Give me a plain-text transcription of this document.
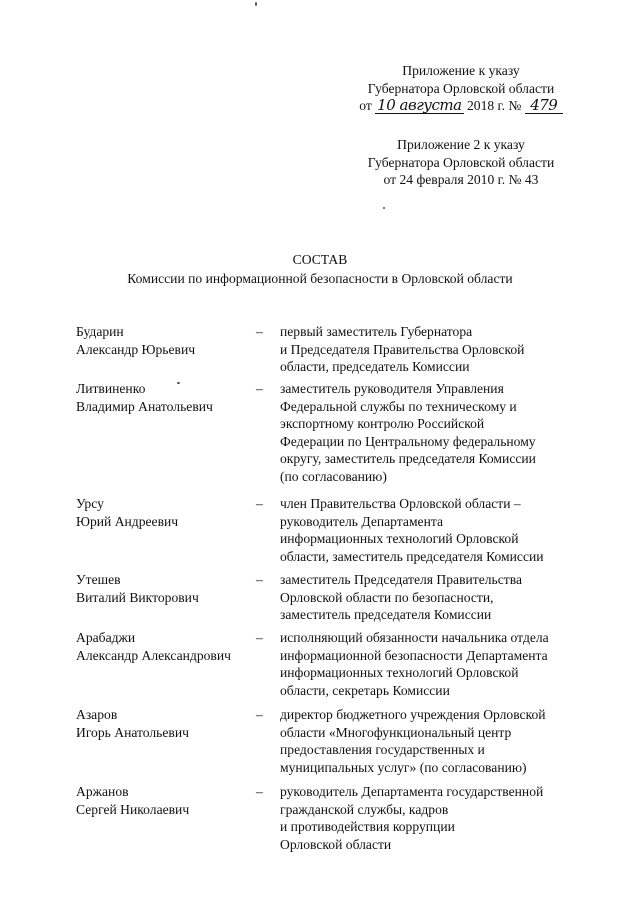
Приложение к указу
Губернатора Орловской области
от 10 августа 2018 г. № 479
Приложение 2 к указу
Губернатора Орловской области
от 24 февраля 2010 г. № 43
СОСТАВ
Комиссии по информационной безопасности в Орловской области
Бударин
Александр Юрьевич
– первый заместитель Губернатора
и Председателя Правительства Орловской
области, председатель Комиссии
Литвиненко
Владимир Анатольевич
– заместитель руководителя Управления
Федеральной службы по техническому и
экспортному контролю Российской
Федерации по Центральному федеральному
округу, заместитель председателя Комиссии
(по согласованию)
Урсу
Юрий Андреевич
– член Правительства Орловской области –
руководитель Департамента
информационных технологий Орловской
области, заместитель председателя Комиссии
Утешев
Виталий Викторович
– заместитель Председателя Правительства
Орловской области по безопасности,
заместитель председателя Комиссии
Арабаджи
Александр Александрович
– исполняющий обязанности начальника отдела
информационной безопасности Департамента
информационных технологий Орловской
области, секретарь Комиссии
Азаров
Игорь Анатольевич
– директор бюджетного учреждения Орловской
области «Многофункциональный центр
предоставления государственных и
муниципальных услуг» (по согласованию)
Аржанов
Сергей Николаевич
– руководитель Департамента государственной
гражданской службы, кадров
и противодействия коррупции
Орловской области
